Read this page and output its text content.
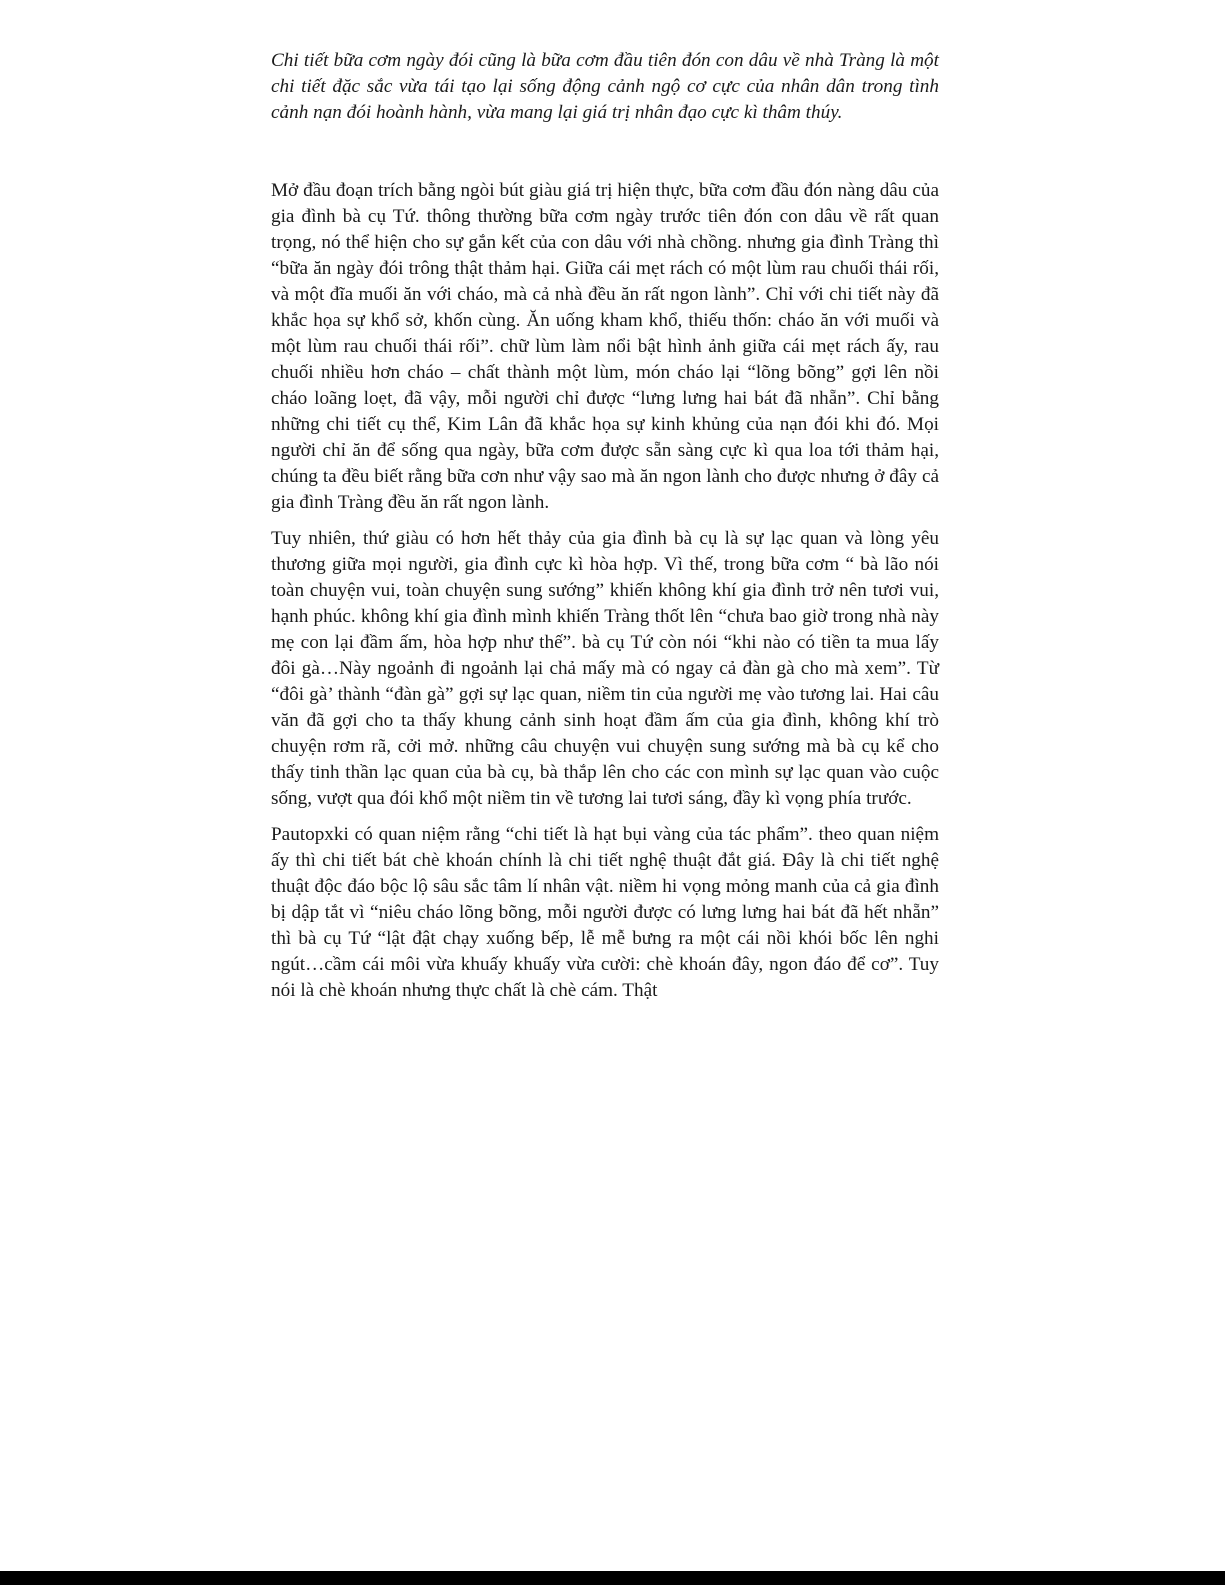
Chi tiết bữa cơm ngày đói cũng là bữa cơm đầu tiên đón con dâu về nhà Tràng là một chi tiết đặc sắc vừa tái tạo lại sống động cảnh ngộ cơ cực của nhân dân trong tình cảnh nạn đói hoành hành, vừa mang lại giá trị nhân đạo cực kì thâm thúy.

Mở đầu đoạn trích bằng ngòi bút giàu giá trị hiện thực, bữa cơm đầu đón nàng dâu của gia đình bà cụ Tứ. thông thường bữa cơm ngày trước tiên đón con dâu về rất quan trọng, nó thể hiện cho sự gắn kết của con dâu với nhà chồng. nhưng gia đình Tràng thì “bữa ăn ngày đói trông thật thảm hại. Giữa cái mẹt rách có một lùm rau chuối thái rối, và một đĩa muối ăn với cháo, mà cả nhà đều ăn rất ngon lành”. Chỉ với chi tiết này đã khắc họa sự khổ sở, khốn cùng. Ăn uống kham khổ, thiếu thốn: cháo ăn với muối và một lùm rau chuối thái rối”. chữ lùm làm nổi bật hình ảnh giữa cái mẹt rách ấy, rau chuối nhiều hơn cháo – chất thành một lùm, món cháo lại “lõng bõng” gợi lên nồi cháo loãng loẹt, đã vậy, mỗi người chỉ được “lưng lưng hai bát đã nhẵn”. Chỉ bằng những chi tiết cụ thể, Kim Lân đã khắc họa sự kinh khủng của nạn đói khi đó. Mọi người chỉ ăn để sống qua ngày, bữa cơm được sẵn sàng cực kì qua loa tới thảm hại, chúng ta đều biết rằng bữa cơn như vậy sao mà ăn ngon lành cho được nhưng ở đây cả gia đình Tràng đều ăn rất ngon lành.

Tuy nhiên, thứ giàu có hơn hết thảy của gia đình bà cụ là sự lạc quan và lòng yêu thương giữa mọi người, gia đình cực kì hòa hợp. Vì thế, trong bữa cơm “ bà lão nói toàn chuyện vui, toàn chuyện sung sướng” khiến không khí gia đình trở nên tươi vui, hạnh phúc. không khí gia đình mình khiến Tràng thốt lên “chưa bao giờ trong nhà này mẹ con lại đầm ấm, hòa hợp như thế”. bà cụ Tứ còn nói “khi nào có tiền ta mua lấy đôi gà…Này ngoảnh đi ngoảnh lại chả mấy mà có ngay cả đàn gà cho mà xem”. Từ “đôi gà’ thành “đàn gà” gợi sự lạc quan, niềm tin của người mẹ vào tương lai. Hai câu văn đã gợi cho ta thấy khung cảnh sinh hoạt đầm ấm của gia đình, không khí trò chuyện rơm rã, cởi mở. những câu chuyện vui chuyện sung sướng mà bà cụ kể cho thấy tinh thần lạc quan của bà cụ, bà thắp lên cho các con mình sự lạc quan vào cuộc sống, vượt qua đói khổ một niềm tin về tương lai tươi sáng, đầy kì vọng phía trước.

Pautopxki có quan niệm rằng “chi tiết là hạt bụi vàng của tác phẩm”. theo quan niệm ấy thì chi tiết bát chè khoán chính là chi tiết nghệ thuật đắt giá. Đây là chi tiết nghệ thuật độc đáo bộc lộ sâu sắc tâm lí nhân vật. niềm hi vọng mỏng manh của cả gia đình bị dập tắt vì “niêu cháo lõng bõng, mỗi người được có lưng lưng hai bát đã hết nhẵn” thì bà cụ Tứ “lật đật chạy xuống bếp, lễ mễ bưng ra một cái nồi khói bốc lên nghi ngút…cầm cái môi vừa khuấy khuấy vừa cười: chè khoán đây, ngon đáo để cơ”. Tuy nói là chè khoán nhưng thực chất là chè cám. Thật
